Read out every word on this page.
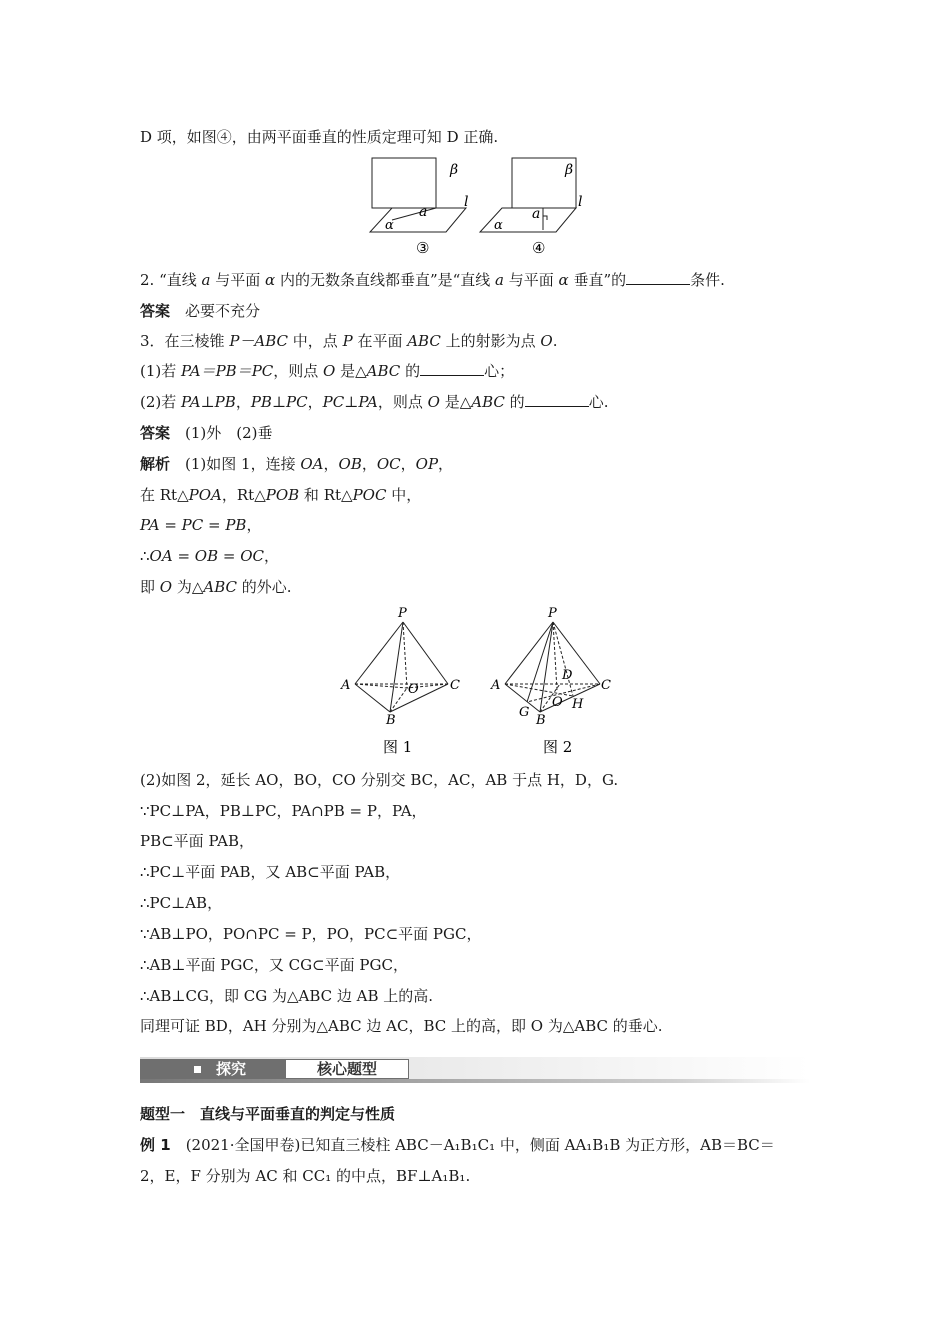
D 项，如图④，由两平面垂直的性质定理可知 D 正确.
β
a
α
l
③
β
a
α
l
④
2. “直线 a 与平面 α 内的无数条直线都垂直”是“直线 a 与平面 α 垂直”的	条件.
答案　 必要不充分
3．在三棱锥 P－ABC 中，点 P 在平面 ABC 上的射影为点 O.
(1)若 PA＝PB＝PC，则点 O 是△ABC 的	心；
(2)若 PA⊥PB，PB⊥PC，PC⊥PA，则点 O 是△ABC 的	心.
答案　 (1)外　(2)垂
解析　 (1)如图 1，连接 OA，OB，OC，OP，
在 Rt△POA，Rt△POB 和 Rt△POC 中，
PA = PC = PB，
∴OA = OB = OC，
即 O 为△ABC 的外心.
P
A	C
B
O
图 1
P
A	C
B
D
G
O H
图 2
(2)如图 2，延长 AO，BO，CO 分别交 BC，AC，AB 于点 H，D，G.
∵PC⊥PA，PB⊥PC，PA∩PB = P，PA，
PB⊂平面 PAB，
∴PC⊥平面 PAB，又 AB⊂平面 PAB，
∴PC⊥AB，
∵AB⊥PO，PO∩PC = P，PO，PC⊂平面 PGC，
∴AB⊥平面 PGC，又 CG⊂平面 PGC，
∴AB⊥CG，即 CG 为△ABC 边 AB 上的高.
同理可证 BD，AH 分别为△ABC 边 AC，BC 上的高，即 O 为△ABC 的垂心.
探究	核心题型
题型一　直线与平面垂直的判定与性质
例 1　 (2021·全国甲卷)已知直三棱柱 ABC－A₁B₁C₁ 中，侧面 AA₁B₁B 为正方形，AB＝BC＝
2，E，F 分别为 AC 和 CC₁ 的中点，BF⊥A₁B₁.
